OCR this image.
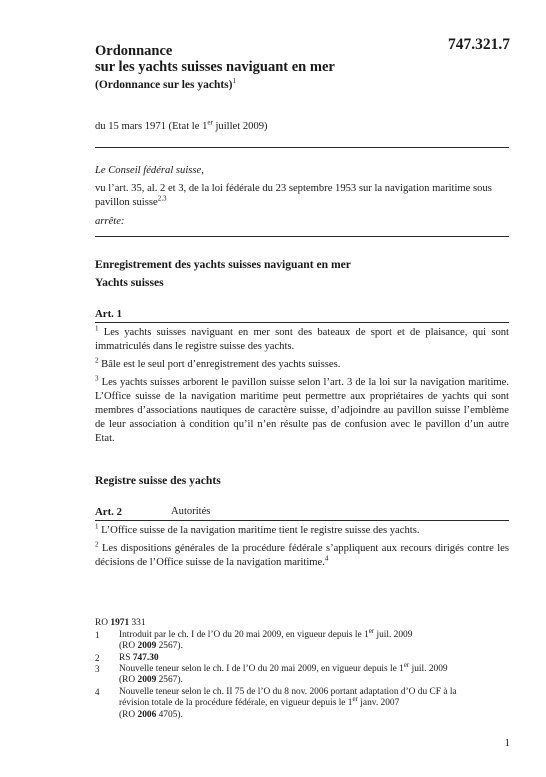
747.321.7
Ordonnance
sur les yachts suisses naviguant en mer
(Ordonnance sur les yachts)$^1$
du 15 mars 1971 (Etat le 1er juillet 2009)
Le Conseil fédéral suisse,
vu l’art. 35, al. 2 et 3, de la loi fédérale du 23 septembre 1953 sur la navigation maritime sous pavillon suisse$^{2,3}$
arrête:
Enregistrement des yachts suisses naviguant en mer
Yachts suisses
Art. 1
$^1$ Les yachts suisses naviguant en mer sont des bateaux de sport et de plaisance, qui sont immatriculés dans le registre suisse des yachts.
$^2$ Bâle est le seul port d’enregistrement des yachts suisses.
$^3$ Les yachts suisses arborent le pavillon suisse selon l’art. 3 de la loi sur la navigation maritime. L’Office suisse de la navigation maritime peut permettre aux propriétaires de yachts qui sont membres d’associations nautiques de caractère suisse, d’adjoindre au pavillon suisse l’emblème de leur association à condition qu’il n’en résulte pas de confusion avec le pavillon d’un autre Etat.
Registre suisse des yachts
Art. 2	Autorités
$^1$ L’Office suisse de la navigation maritime tient le registre suisse des yachts.
$^2$ Les dispositions générales de la procédure fédérale s’appliquent aux recours dirigés contre les décisions de l’Office suisse de la navigation maritime.$^4$
RO 1971 331
1 Introduit par le ch. I de l’O du 20 mai 2009, en vigueur depuis le 1er juil. 2009
(RO 2009 2567).
2 RS 747.30
3 Nouvelle teneur selon le ch. I de l’O du 20 mai 2009, en vigueur depuis le 1er juil. 2009
(RO 2009 2567).
4 Nouvelle teneur selon le ch. II 75 de l’O du 8 nov. 2006 portant adaptation d’O du CF à la
révision totale de la procédure fédérale, en vigueur depuis le 1er janv. 2007
(RO 2006 4705).
1
